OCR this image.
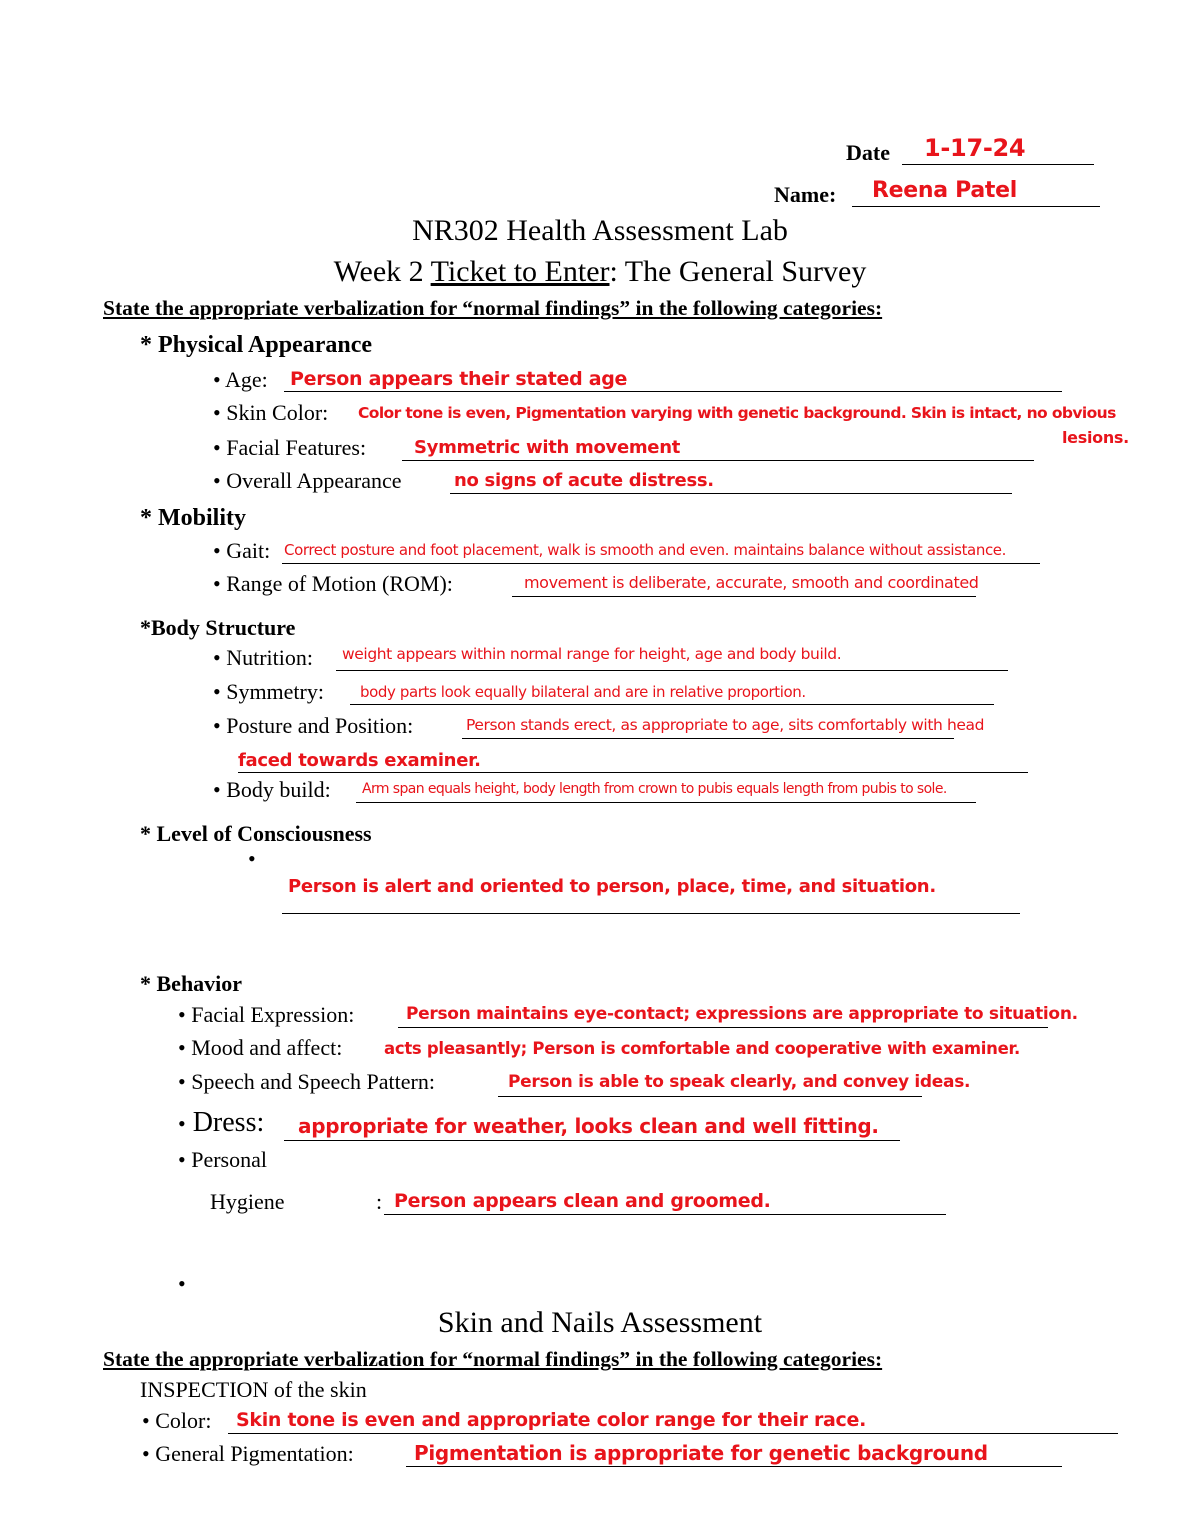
Date 1-17-24
Name: Reena Patel
NR302 Health Assessment Lab
Week 2 Ticket to Enter: The General Survey
State the appropriate verbalization for “normal findings” in the following categories:
* Physical Appearance
• Age: Person appears their stated age
• Skin Color: Color tone is even, Pigmentation varying with genetic background. Skin is intact, no obvious
lesions.
• Facial Features:	Symmetric with movement
• Overall Appearance	no signs of acute distress.
* Mobility
• Gait: Correct posture and foot placement, walk is smooth and even. maintains balance without assistance.
• Range of Motion (ROM):	movement is deliberate, accurate, smooth and coordinated
*Body Structure
• Nutrition: weight appears within normal range for height, age and body build.
• Symmetry: body parts look equally bilateral and are in relative proportion.
• Posture and Position:	Person stands erect, as appropriate to age, sits comfortably with head
faced towards examiner.
• Body build: Arm span equals height, body length from crown to pubis equals length from pubis to sole.
* Level of Consciousness
•
Person is alert and oriented to person, place, time, and situation.
* Behavior
• Facial Expression:	Person maintains eye-contact; expressions are appropriate to situation.
• Mood and affect:	acts pleasantly; Person is comfortable and cooperative with examiner.
• Speech and Speech Pattern:	Person is able to speak clearly, and convey ideas.
• Dress: appropriate for weather, looks clean and well fitting.
• Personal
Hygiene	: Person appears clean and groomed.
•
Skin and Nails Assessment
State the appropriate verbalization for “normal findings” in the following categories:
INSPECTION of the skin
• Color: Skin tone is even and appropriate color range for their race.
• General Pigmentation:	Pigmentation is appropriate for genetic background
